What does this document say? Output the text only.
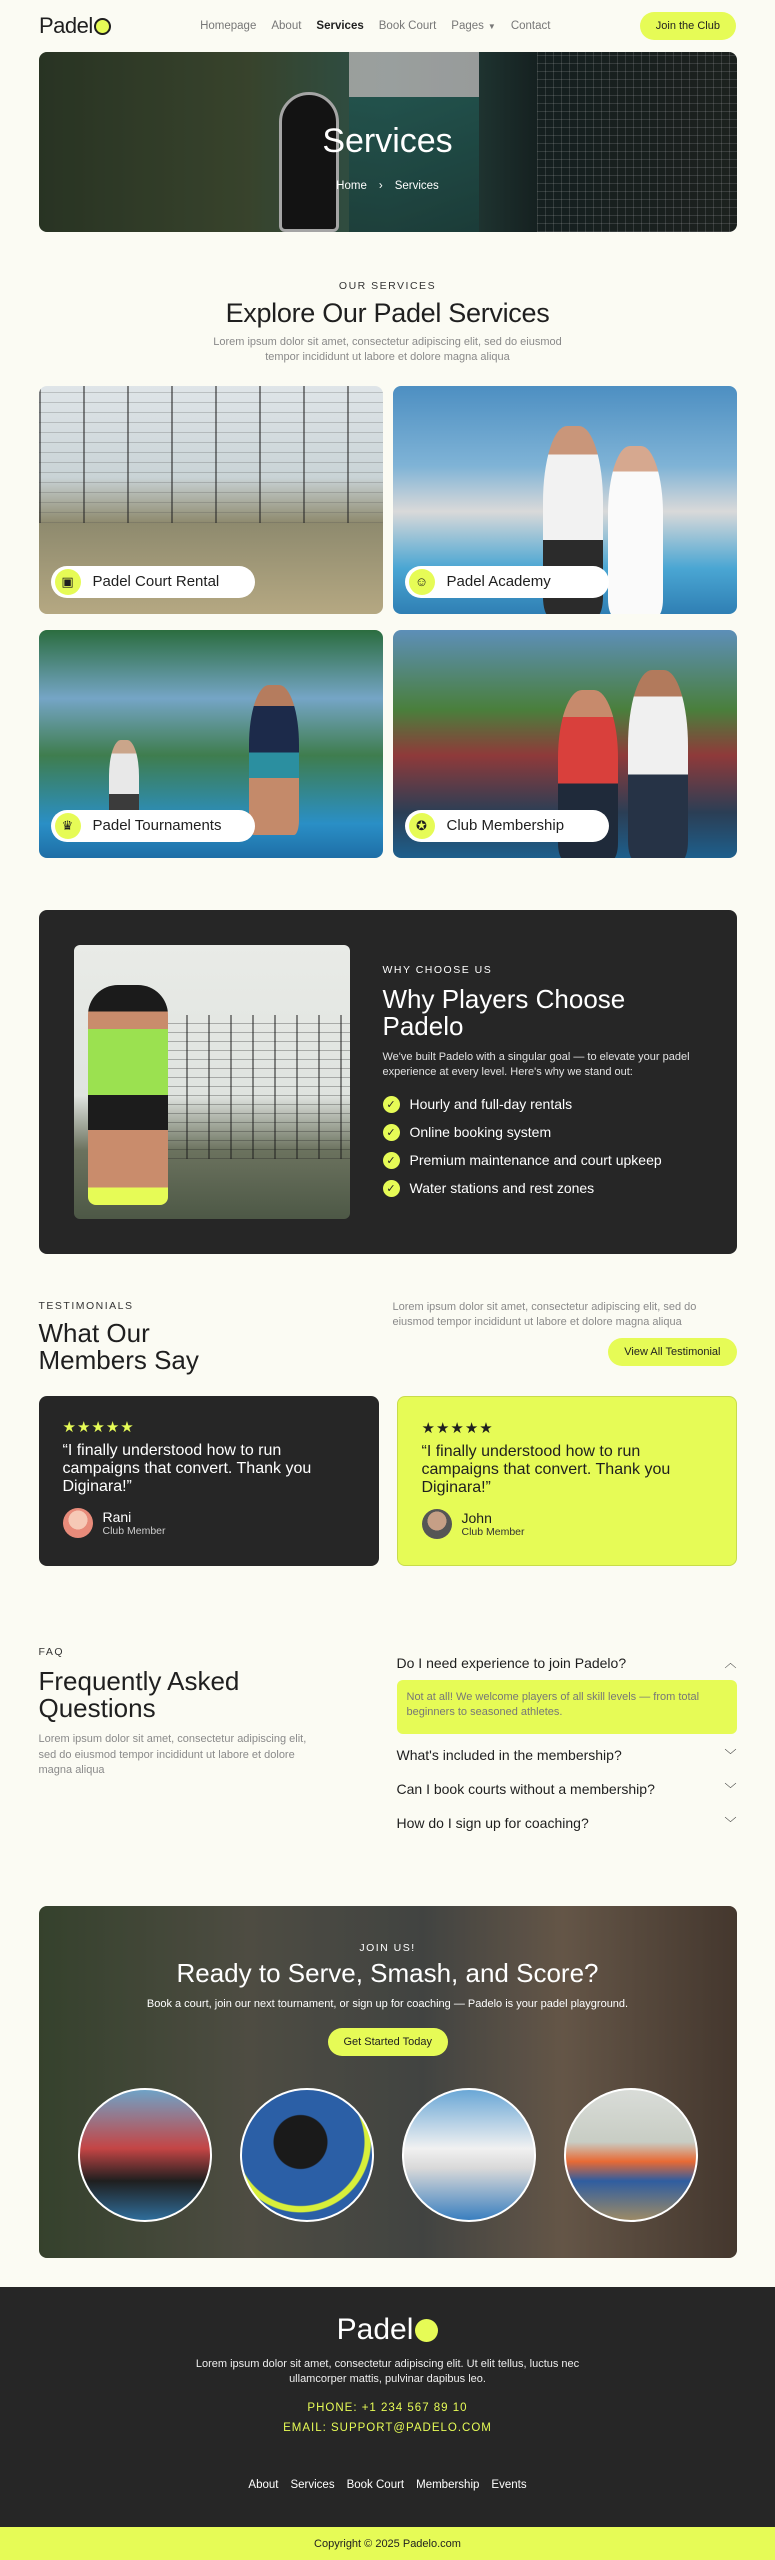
Padel	Homepage About Services Book Court Pages ▼ Contact	Join the Club
Services
Home › Services
OUR SERVICES
Explore Our Padel Services

Lorem ipsum dolor sit amet, consectetur adipiscing elit, sed do eiusmod tempor incididunt ut labore et dolore magna aliqua

▣	Padel Court Rental	☺	Padel Academy
♛	Padel Tournaments	✪	Club Membership
WHY CHOOSE US
Why Players Choose Padelo

We've built Padelo with a singular goal — to elevate your padel experience at every level. Here's why we stand out:

✓ Hourly and full-day rentals
✓ Online booking system
✓ Premium maintenance and court upkeep
✓ Water stations and rest zones
TESTIMONIALS
What Our Members Say

Lorem ipsum dolor sit amet, consectetur adipiscing elit, sed do eiusmod tempor incididunt ut labore et dolore magna aliqua

View All Testimonial
★★★★★

“I finally understood how to run campaigns that convert. Thank you Diginara!”

Rani
Club Member
★★★★★

“I finally understood how to run campaigns that convert. Thank you Diginara!”

John
Club Member
FAQ
Frequently Asked Questions

Lorem ipsum dolor sit amet, consectetur adipiscing elit, sed do eiusmod tempor incididunt ut labore et dolore magna aliqua

Do I need experience to join Padelo?	︿
Not at all! We welcome players of all skill levels — from total beginners to seasoned athletes.
What's included in the membership?	﹀
Can I book courts without a membership?	﹀
How do I sign up for coaching?	﹀
JOIN US!
Ready to Serve, Smash, and Score?

Book a court, join our next tournament, or sign up for coaching — Padelo is your padel playground.

Get Started Today
Padel

Lorem ipsum dolor sit amet, consectetur adipiscing elit. Ut elit tellus, luctus nec ullamcorper mattis, pulvinar dapibus leo.

PHONE: +1 234 567 89 10
EMAIL: SUPPORT@PADELO.COM
About Services Book Court Membership Events
Copyright © 2025 Padelo.com
